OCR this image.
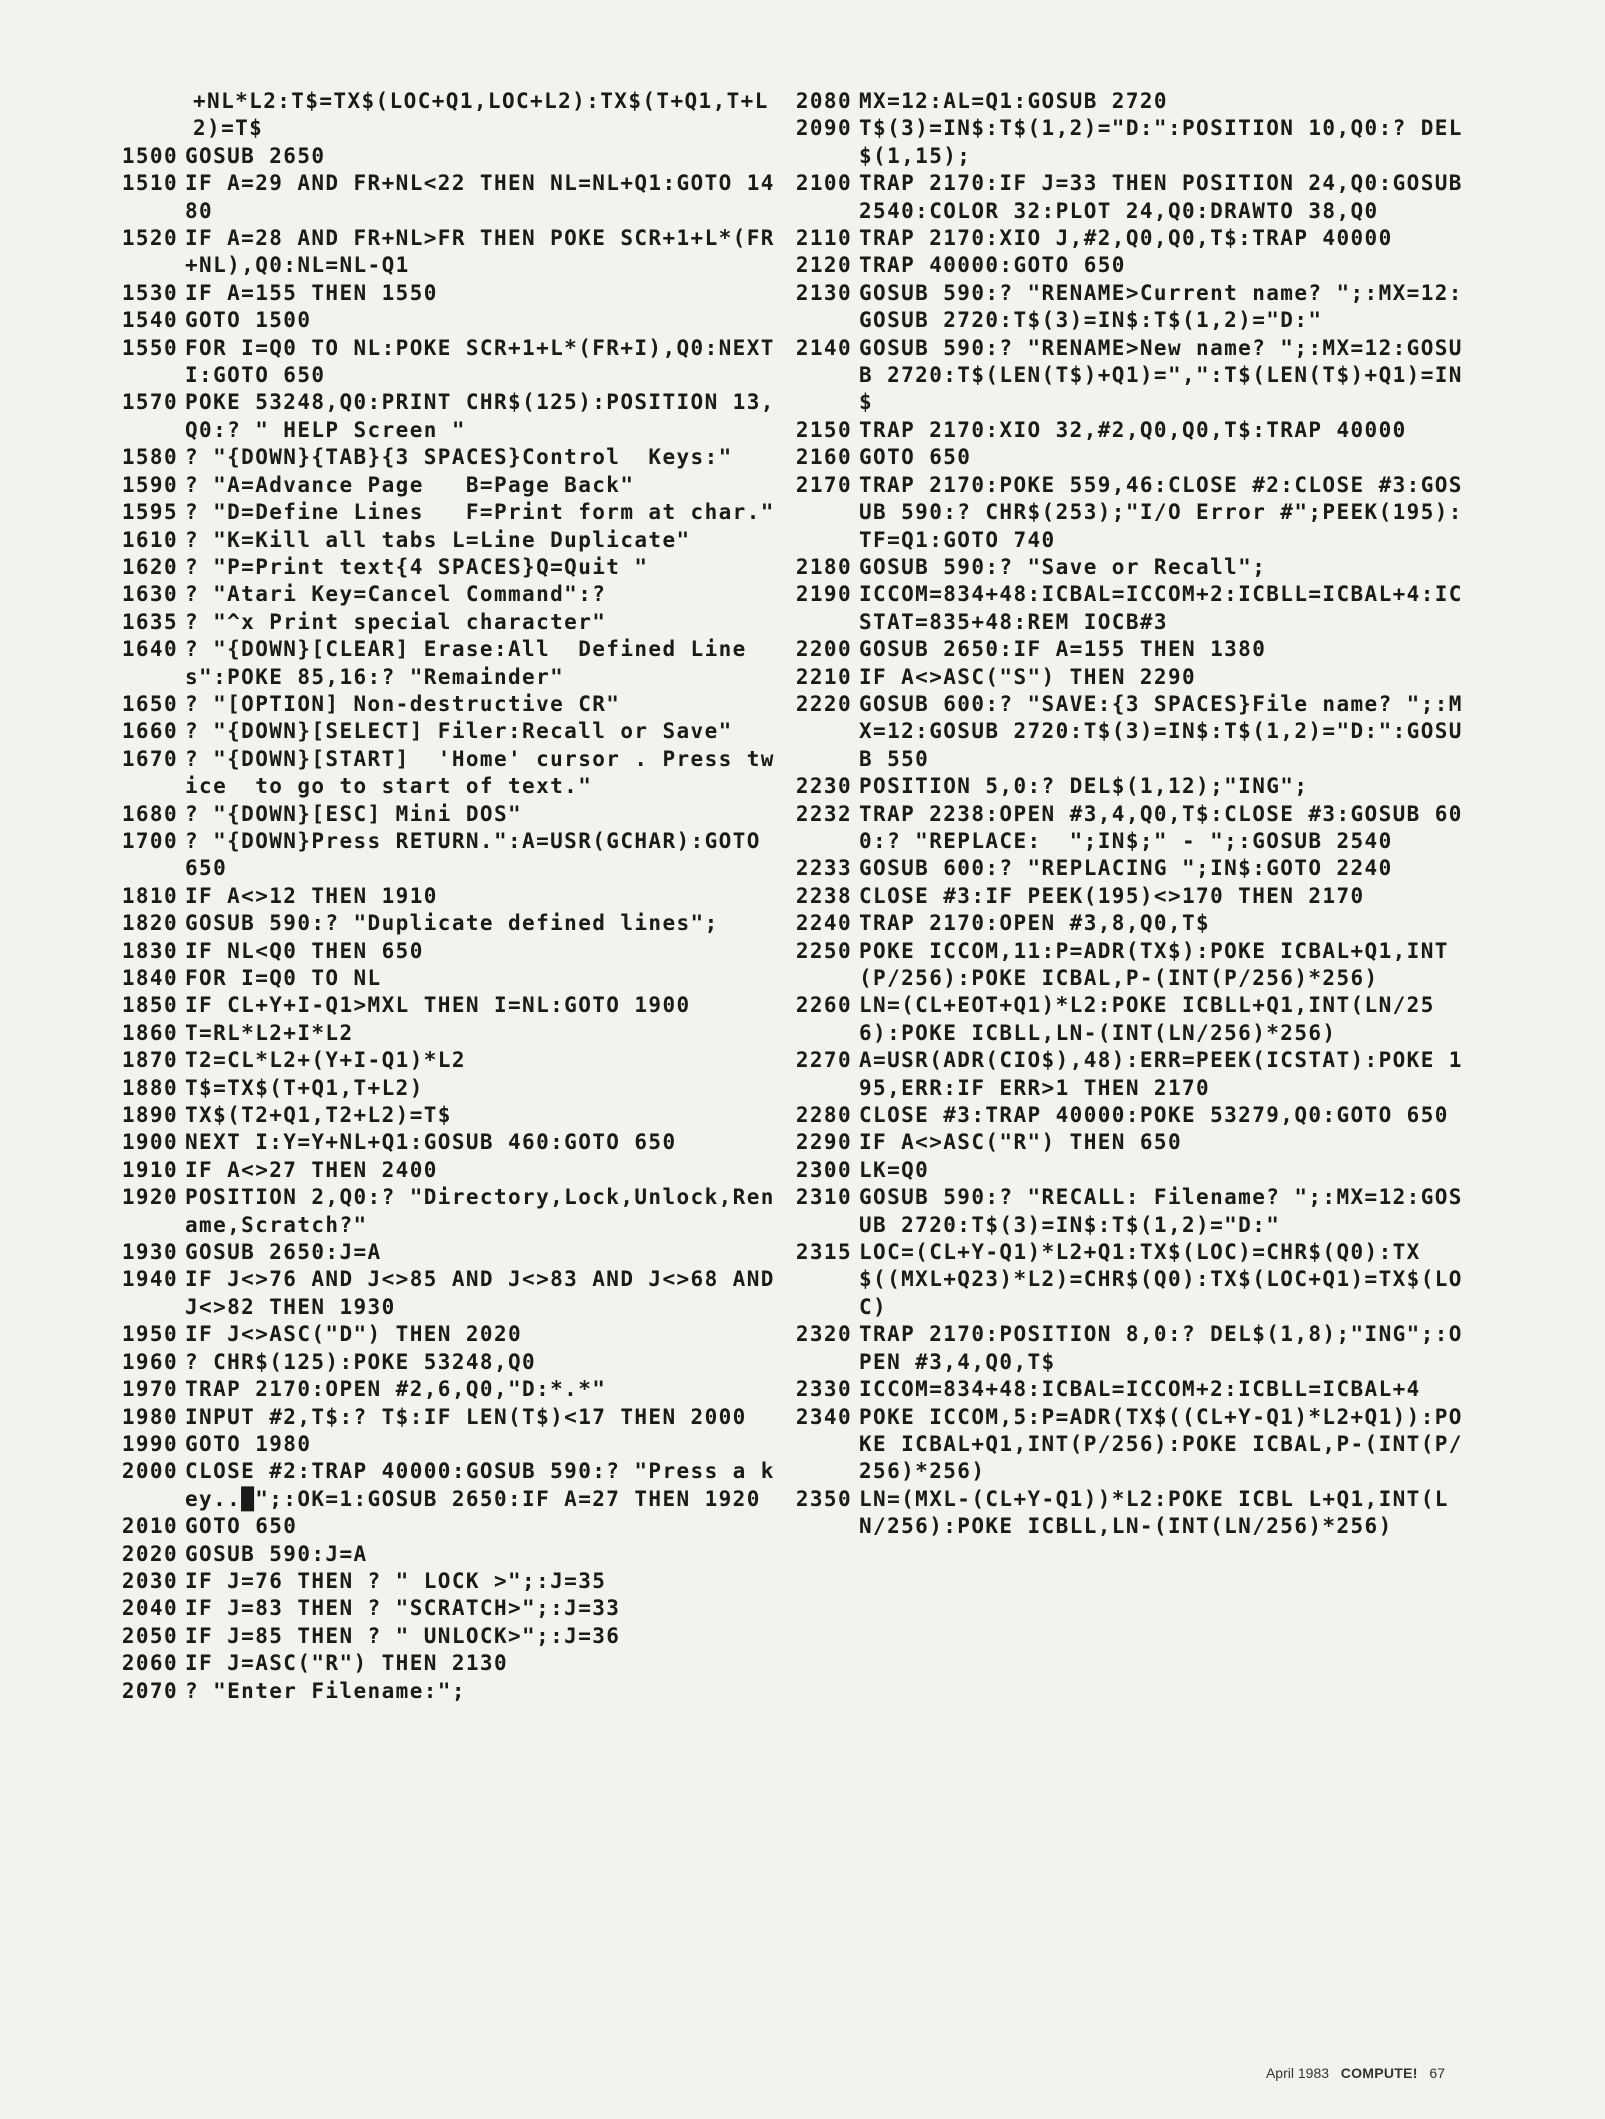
+NL*L2:T$=TX$(LOC+Q1,LOC+L2):TX$(T+Q1,T+L2)=T$
1500 GOSUB 2650
1510 IF A=29 AND FR+NL<22 THEN NL=NL+Q1:GOTO 1480
1520 IF A=28 AND FR+NL>FR THEN POKE SCR+1+L*(FR+NL),Q0:NL=NL-Q1
1530 IF A=155 THEN 1550
1540 GOTO 1500
1550 FOR I=Q0 TO NL:POKE SCR+1+L*(FR+I),Q0:NEXT I:GOTO 650
1570 POKE 53248,Q0:PRINT CHR$(125):POSITION 13,Q0:? " HELP Screen "
1580 ? "{DOWN}{TAB}{3 SPACES}Control  Keys:"
1590 ? "A=Advance Page   B=Page Back"
1595 ? "D=Define Lines   F=Print form at char."
1610 ? "K=Kill all tabs L=Line Duplicate"
1620 ? "P=Print text{4 SPACES}Q=Quit "
1630 ? "Atari Key=Cancel Command":?
1635 ? "^x Print special character"
1640 ? "{DOWN}[CLEAR] Erase:All  Defined Lines":POKE 85,16:? "Remainder"
1650 ? "[OPTION] Non-destructive CR"
1660 ? "{DOWN}[SELECT] Filer:Recall or Save"
1670 ? "{DOWN}[START]  'Home' cursor . Press twice  to go to start of text."
1680 ? "{DOWN}[ESC] Mini DOS"
1700 ? "{DOWN}Press RETURN.":A=USR(GCHAR):GOTO 650
1810 IF A<>12 THEN 1910
1820 GOSUB 590:? "Duplicate defined lines";
1830 IF NL<Q0 THEN 650
1840 FOR I=Q0 TO NL
1850 IF CL+Y+I-Q1>MXL THEN I=NL:GOTO 1900
1860 T=RL*L2+I*L2
1870 T2=CL*L2+(Y+I-Q1)*L2
1880 T$=TX$(T+Q1,T+L2)
1890 TX$(T2+Q1,T2+L2)=T$
1900 NEXT I:Y=Y+NL+Q1:GOSUB 460:GOTO 650
1910 IF A<>27 THEN 2400
1920 POSITION 2,Q0:? "Directory,Lock,Unlock,Rename,Scratch?"
1930 GOSUB 2650:J=A
1940 IF J<>76 AND J<>85 AND J<>83 AND J<>68 AND J<>82 THEN 1930
1950 IF J<>ASC("D") THEN 2020
1960 ? CHR$(125):POKE 53248,Q0
1970 TRAP 2170:OPEN #2,6,Q0,"D:*.*"
1980 INPUT #2,T$:? T$:IF LEN(T$)<17 THEN 2000
1990 GOTO 1980
2000 CLOSE #2:TRAP 40000:GOSUB 590:? "Press a key..█";:OK=1:GOSUB 2650:IF A=27 THEN 1920
2010 GOTO 650
2020 GOSUB 590:J=A
2030 IF J=76 THEN ? " LOCK >";:J=35
2040 IF J=83 THEN ? "SCRATCH>";:J=33
2050 IF J=85 THEN ? " UNLOCK>";:J=36
2060 IF J=ASC("R") THEN 2130
2070 ? "Enter Filename:";
2080 MX=12:AL=Q1:GOSUB 2720
2090 T$(3)=IN$:T$(1,2)="D:":POSITION 10,Q0:? DEL$(1,15);
2100 TRAP 2170:IF J=33 THEN POSITION 24,Q0:GOSUB 2540:COLOR 32:PLOT 24,Q0:DRAWTO 38,Q0
2110 TRAP 2170:XIO J,#2,Q0,Q0,T$:TRAP 40000
2120 TRAP 40000:GOTO 650
2130 GOSUB 590:? "RENAME>Current name? ";:MX=12:GOSUB 2720:T$(3)=IN$:T$(1,2)="D:"
2140 GOSUB 590:? "RENAME>New name? ";:MX=12:GOSUB 2720:T$(LEN(T$)+Q1)=",":T$(LEN(T$)+Q1)=IN$
2150 TRAP 2170:XIO 32,#2,Q0,Q0,T$:TRAP 40000
2160 GOTO 650
2170 TRAP 2170:POKE 559,46:CLOSE #2:CLOSE #3:GOSUB 590:? CHR$(253);"I/O Error #";PEEK(195):TF=Q1:GOTO 740
2180 GOSUB 590:? "Save or Recall";
2190 ICCOM=834+48:ICBAL=ICCOM+2:ICBLL=ICBAL+4:ICSTAT=835+48:REM IOCB#3
2200 GOSUB 2650:IF A=155 THEN 1380
2210 IF A<>ASC("S") THEN 2290
2220 GOSUB 600:? "SAVE:{3 SPACES}File name? ";:MX=12:GOSUB 2720:T$(3)=IN$:T$(1,2)="D:":GOSUB 550
2230 POSITION 5,0:? DEL$(1,12);"ING";
2232 TRAP 2238:OPEN #3,4,Q0,T$:CLOSE #3:GOSUB 600:? "REPLACE:  ";IN$;" - ";:GOSUB 2540
2233 GOSUB 600:? "REPLACING ";IN$:GOTO 2240
2238 CLOSE #3:IF PEEK(195)<>170 THEN 2170
2240 TRAP 2170:OPEN #3,8,Q0,T$
2250 POKE ICCOM,11:P=ADR(TX$):POKE ICBAL+Q1,INT(P/256):POKE ICBAL,P-(INT(P/256)*256)
2260 LN=(CL+EOT+Q1)*L2:POKE ICBLL+Q1,INT(LN/256):POKE ICBLL,LN-(INT(LN/256)*256)
2270 A=USR(ADR(CIO$),48):ERR=PEEK(ICSTAT):POKE 195,ERR:IF ERR>1 THEN 2170
2280 CLOSE #3:TRAP 40000:POKE 53279,Q0:GOTO 650
2290 IF A<>ASC("R") THEN 650
2300 LK=Q0
2310 GOSUB 590:? "RECALL: Filename? ";:MX=12:GOSUB 2720:T$(3)=IN$:T$(1,2)="D:"
2315 LOC=(CL+Y-Q1)*L2+Q1:TX$(LOC)=CHR$(Q0):TX$((MXL+Q23)*L2)=CHR$(Q0):TX$(LOC+Q1)=TX$(LOC)
2320 TRAP 2170:POSITION 8,0:? DEL$(1,8);"ING";:OPEN #3,4,Q0,T$
2330 ICCOM=834+48:ICBAL=ICCOM+2:ICBLL=ICBAL+4
2340 POKE ICCOM,5:P=ADR(TX$((CL+Y-Q1)*L2+Q1)):POKE ICBAL+Q1,INT(P/256):POKE ICBAL,P-(INT(P/256)*256)
2350 LN=(MXL-(CL+Y-Q1))*L2:POKE ICBL L+Q1,INT(LN/256):POKE ICBLL,LN-(INT(LN/256)*256)
April 1983 COMPUTE! 67
